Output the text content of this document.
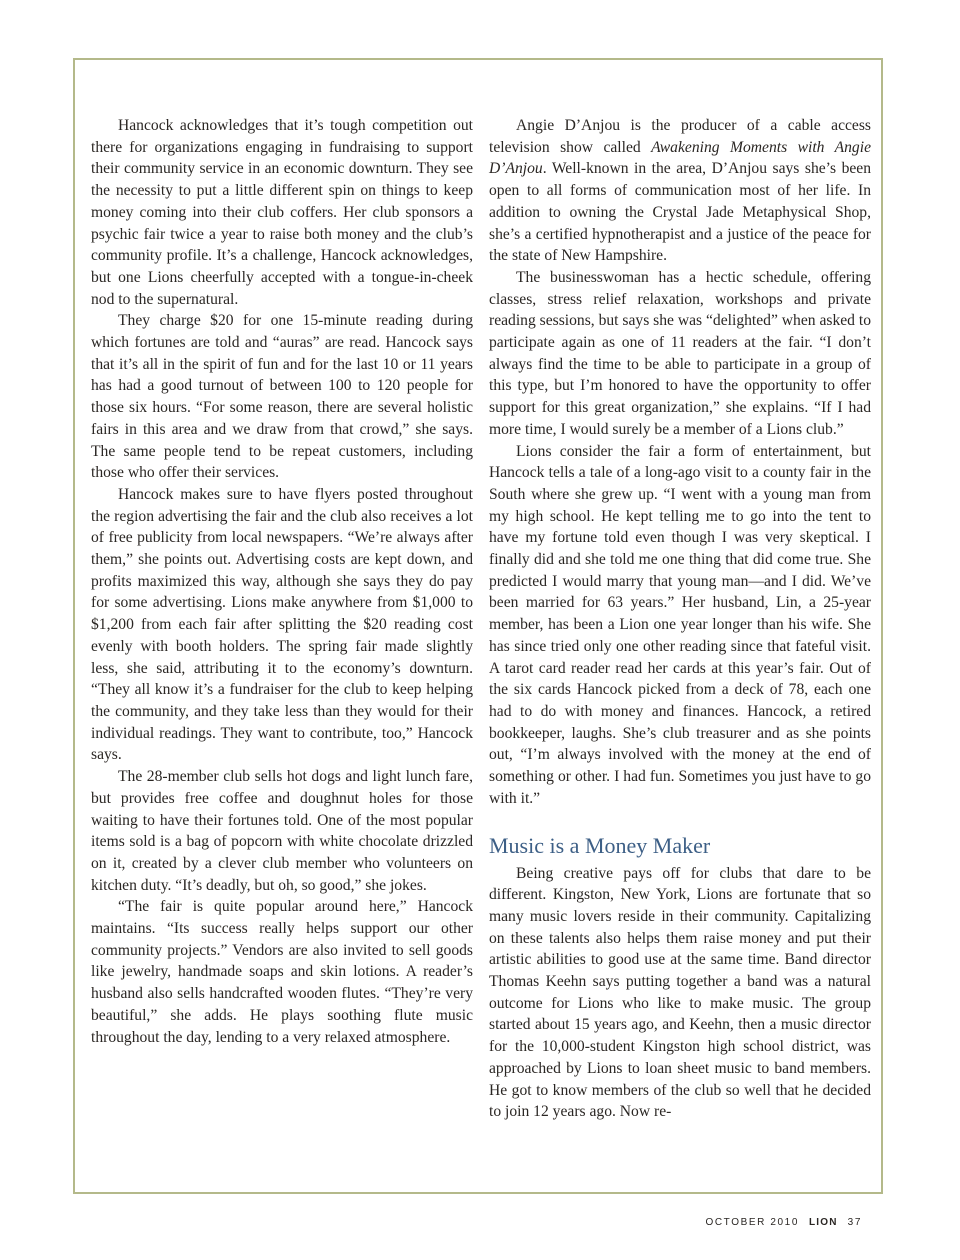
Hancock acknowledges that it’s tough competition out there for organizations engaging in fundraising to support their community service in an economic downturn. They see the necessity to put a little different spin on things to keep money coming into their club coffers. Her club sponsors a psychic fair twice a year to raise both money and the club’s community profile. It’s a challenge, Hancock acknowledges, but one Lions cheerfully accepted with a tongue-in-cheek nod to the supernatural.

They charge $20 for one 15-minute reading during which fortunes are told and “auras” are read. Hancock says that it’s all in the spirit of fun and for the last 10 or 11 years has had a good turnout of between 100 to 120 people for those six hours. “For some reason, there are several holistic fairs in this area and we draw from that crowd,” she says. The same people tend to be repeat customers, including those who offer their services.

Hancock makes sure to have flyers posted throughout the region advertising the fair and the club also receives a lot of free publicity from local newspapers. “We’re always after them,” she points out. Advertising costs are kept down, and profits maximized this way, although she says they do pay for some advertising. Lions make anywhere from $1,000 to $1,200 from each fair after splitting the $20 reading cost evenly with booth holders. The spring fair made slightly less, she said, attributing it to the economy’s downturn. “They all know it’s a fundraiser for the club to keep helping the community, and they take less than they would for their individual readings. They want to contribute, too,” Hancock says.

The 28-member club sells hot dogs and light lunch fare, but provides free coffee and doughnut holes for those waiting to have their fortunes told. One of the most popular items sold is a bag of popcorn with white chocolate drizzled on it, created by a clever club member who volunteers on kitchen duty. “It’s deadly, but oh, so good,” she jokes.

“The fair is quite popular around here,” Hancock maintains. “Its success really helps support our other community projects.” Vendors are also invited to sell goods like jewelry, handmade soaps and skin lotions. A reader’s husband also sells handcrafted wooden flutes. “They’re very beautiful,” she adds. He plays soothing flute music throughout the day, lending to a very relaxed atmosphere.

Angie D’Anjou is the producer of a cable access television show called Awakening Moments with Angie D’Anjou. Well-known in the area, D’Anjou says she’s been open to all forms of communication most of her life. In addition to owning the Crystal Jade Metaphysical Shop, she’s a certified hypnotherapist and a justice of the peace for the state of New Hampshire.

The businesswoman has a hectic schedule, offering classes, stress relief relaxation, workshops and private reading sessions, but says she was “delighted” when asked to participate again as one of 11 readers at the fair. “I don’t always find the time to be able to participate in a group of this type, but I’m honored to have the opportunity to offer support for this great organization,” she explains. “If I had more time, I would surely be a member of a Lions club.”

Lions consider the fair a form of entertainment, but Hancock tells a tale of a long-ago visit to a county fair in the South where she grew up. “I went with a young man from my high school. He kept telling me to go into the tent to have my fortune told even though I was very skeptical. I finally did and she told me one thing that did come true. She predicted I would marry that young man—and I did. We’ve been married for 63 years.” Her husband, Lin, a 25-year member, has been a Lion one year longer than his wife. She has since tried only one other reading since that fateful visit. A tarot card reader read her cards at this year’s fair. Out of the six cards Hancock picked from a deck of 78, each one had to do with money and finances. Hancock, a retired bookkeeper, laughs. She’s club treasurer and as she points out, “I’m always involved with the money at the end of something or other. I had fun. Sometimes you just have to go with it.”

Music is a Money Maker

Being creative pays off for clubs that dare to be different. Kingston, New York, Lions are fortunate that so many music lovers reside in their community. Capitalizing on these talents also helps them raise money and put their artistic abilities to good use at the same time. Band director Thomas Keehn says putting together a band was a natural outcome for Lions who like to make music. The group started about 15 years ago, and Keehn, then a music director for the 10,000-student Kingston high school district, was approached by Lions to loan sheet music to band members. He got to know members of the club so well that he decided to join 12 years ago. Now re-

OCTOBER 2010 LION 37
